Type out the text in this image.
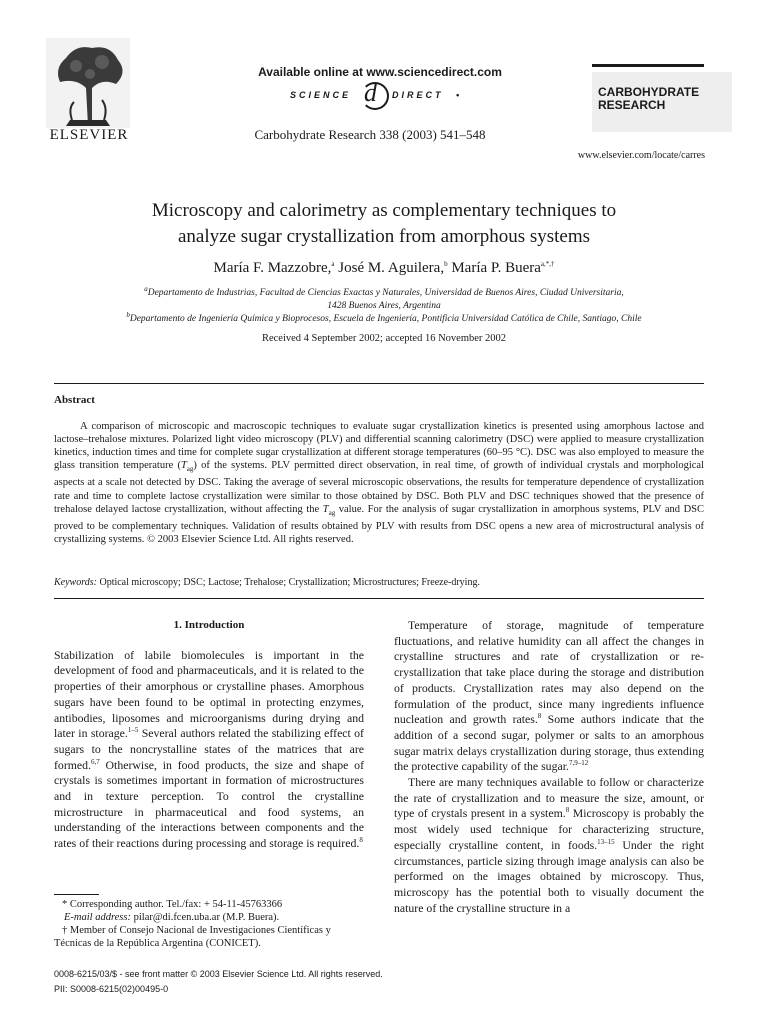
ELSEVIER
Available online at www.sciencedirect.com
SCIENCE d DIRECT •
Carbohydrate Research 338 (2003) 541–548
CARBOHYDRATE
RESEARCH
www.elsevier.com/locate/carres
Microscopy and calorimetry as complementary techniques to
analyze sugar crystallization from amorphous systems
María F. Mazzobre,$^a$ José M. Aguilera,$^b$ María P. Buera$^{a,*,\dagger}$
$^a$Departamento de Industrias, Facultad de Ciencias Exactas y Naturales, Universidad de Buenos Aires, Ciudad Universitaria,
1428 Buenos Aires, Argentina
$^b$Departamento de Ingeniería Química y Bioprocesos, Escuela de Ingeniería, Pontificia Universidad Católica de Chile, Santiago, Chile
Received 4 September 2002; accepted 16 November 2002
Abstract

A comparison of microscopic and macroscopic techniques to evaluate sugar crystallization kinetics is presented using amorphous lactose and lactose–trehalose mixtures. Polarized light video microscopy (PLV) and differential scanning calorimetry (DSC) were applied to measure crystallization kinetics, induction times and time for complete sugar crystallization at different storage temperatures (60–95 °C). DSC was also employed to measure the glass transition temperature $(T_{ag})$ of the systems. PLV permitted direct observation, in real time, of growth of individual crystals and morphological aspects at a scale not detected by DSC. Taking the average of several microscopic observations, the results for temperature dependence of crystallization rate and time to complete lactose crystallization were similar to those obtained by DSC. Both PLV and DSC techniques showed that the presence of trehalose delayed lactose crystallization, without affecting the $T_{ag}$ value. For the analysis of sugar crystallization in amorphous systems, PLV and DSC proved to be complementary techniques. Validation of results obtained by PLV with results from DSC opens a new area of microstructural analysis of crystallizing systems. © 2003 Elsevier Science Ltd. All rights reserved.

Keywords: Optical microscopy; DSC; Lactose; Trehalose; Crystallization; Microstructures; Freeze-drying.
1. Introduction

Stabilization of labile biomolecules is important in the development of food and pharmaceuticals, and it is related to the properties of their amorphous or crystalline phases. Amorphous sugars have been found to be optimal in protecting enzymes, antibodies, liposomes and microorganisms during drying and later in storage.$^{1-5}$ Several authors related the stabilizing effect of sugars to the noncrystalline states of the matrices that are formed.$^{6,7}$ Otherwise, in food products, the size and shape of crystals is sometimes important in formation of microstructures and in texture perception. To control the crystalline microstructure in pharmaceutical and food systems, an understanding of the interactions between components and the rates of their reactions during processing and storage is required.$^8$

Temperature of storage, magnitude of temperature fluctuations, and relative humidity can all affect the changes in crystalline structures and rate of crystallization or re-crystallization that take place during the storage and distribution of products. Crystallization rates may also depend on the formulation of the product, since many ingredients influence nucleation and growth rates.$^8$ Some authors indicate that the addition of a second sugar, polymer or salts to an amorphous sugar matrix delays crystallization during storage, thus extending the protective capability of the sugar.$^{7,9-12}$

There are many techniques available to follow or characterize the rate of crystallization and to measure the size, amount, or type of crystals present in a system.$^8$ Microscopy is probably the most widely used technique for characterizing structure, especially crystalline content, in foods.$^{13-15}$ Under the right circumstances, particle sizing through image analysis can also be performed on the images obtained by microscopy. Thus, microscopy has the potential both to visually document the nature of the crystalline structure in a

* Corresponding author. Tel./fax: + 54-11-45763366

E-mail address: pilar@di.fcen.uba.ar (M.P. Buera).

† Member of Consejo Nacional de Investigaciones Científicas y Técnicas de la República Argentina (CONICET).

0008-6215/03/$ - see front matter © 2003 Elsevier Science Ltd. All rights reserved.
PII: S0008-6215(02)00495-0
